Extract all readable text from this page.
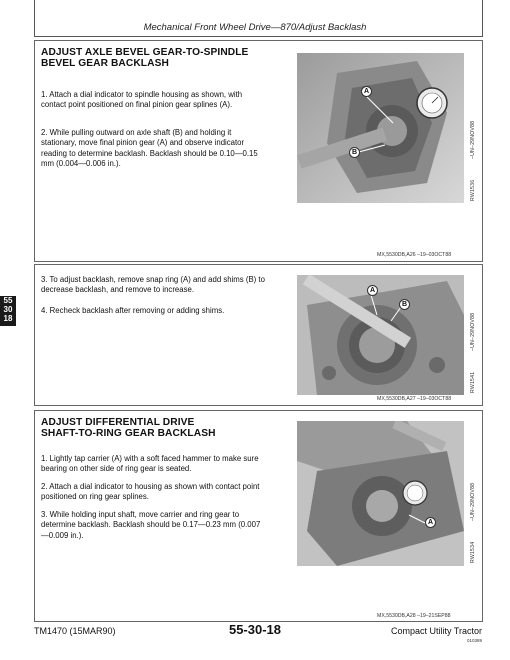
Mechanical Front Wheel Drive—870/Adjust Backlash
55
30
18
ADJUST AXLE BEVEL GEAR-TO-SPINDLE
BEVEL GEAR BACKLASH
1. Attach a dial indicator to spindle housing as shown, with contact point positioned on final pinion gear splines (A).
2. While pulling outward on axle shaft (B) and holding it stationary, move final pinion gear (A) and observe indicator reading to determine backlash. Backlash should be 0.10—0.15 mm (0.004—0.006 in.).
A
B	–UN–29NOV88
RW1536
MX,5530DB,A26 –19–03OCT88
3. To adjust backlash, remove snap ring (A) and add shims (B) to decrease backlash, and remove to increase.
4. Recheck backlash after removing or adding shims.
A
B
–UN–29NOV88
RW1541
MX,5530DB,A27 –19–03OCT88
ADJUST DIFFERENTIAL DRIVE
SHAFT-TO-RING GEAR BACKLASH
1. Lightly tap carrier (A) with a soft faced hammer to make sure bearing on other side of ring gear is seated.
2. Attach a dial indicator to housing as shown with contact point positioned on ring gear splines.
3. While holding input shaft, move carrier and ring gear to determine backlash. Backlash should be 0.17—0.23 mm (0.007—0.009 in.).
A
–UN–29NOV88
RW1534
MX,5530DB,A28 –19–21SEP88
TM1470 (15MAR90)	55-30-18	Compact Utility Tractor
010389
